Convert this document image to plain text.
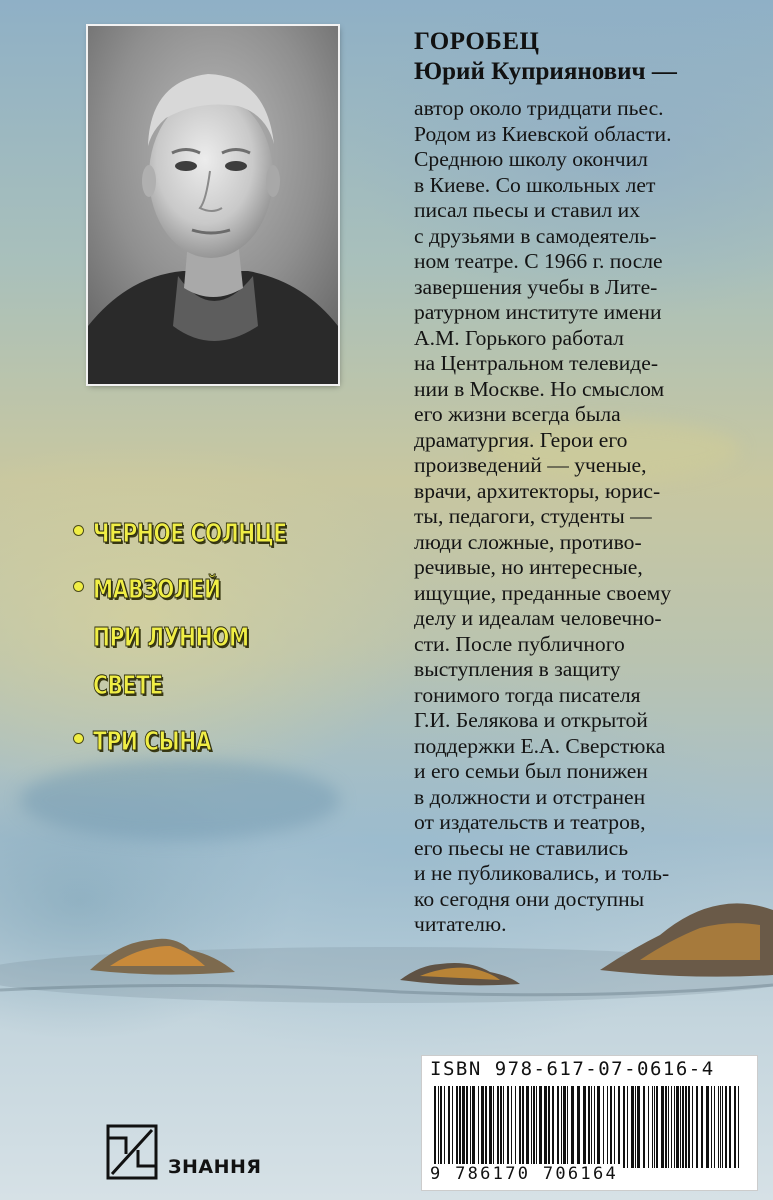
ГОРОБЕЦ
Юрий Куприянович —
автор около тридцати пьес.
Родом из Киевской области.
Среднюю школу окончил
в Киеве. Со школьных лет
писал пьесы и ставил их
с друзьями в самодеятель-
ном театре. С 1966 г. после
завершения учебы в Лите-
ратурном институте имени
А.М. Горького работал
на Центральном телевиде-
нии в Москве. Но смыслом
его жизни всегда была
драматургия. Герои его
произведений — ученые,
врачи, архитекторы, юрис-
ты, педагоги, студенты —
люди сложные, противо-
речивые, но интересные,
ищущие, преданные своему
делу и идеалам человечно-
сти. После публичного
выступления в защиту
гонимого тогда писателя
Г.И. Белякова и открытой
поддержки Е.А. Сверстюка
и его семьи был понижен
в должности и отстранен
от издательств и театров,
его пьесы не ставились
и не публиковались, и толь-
ко сегодня они доступны
читателю.
ЧЕРНОЕ СОЛНЦЕ
МАВЗОЛЕЙ
ПРИ ЛУННОМ
СВЕТЕ
ТРИ СЫНА
ISBN 978-617-07-0616-4
9 786170 706164
ЗНАННЯ
